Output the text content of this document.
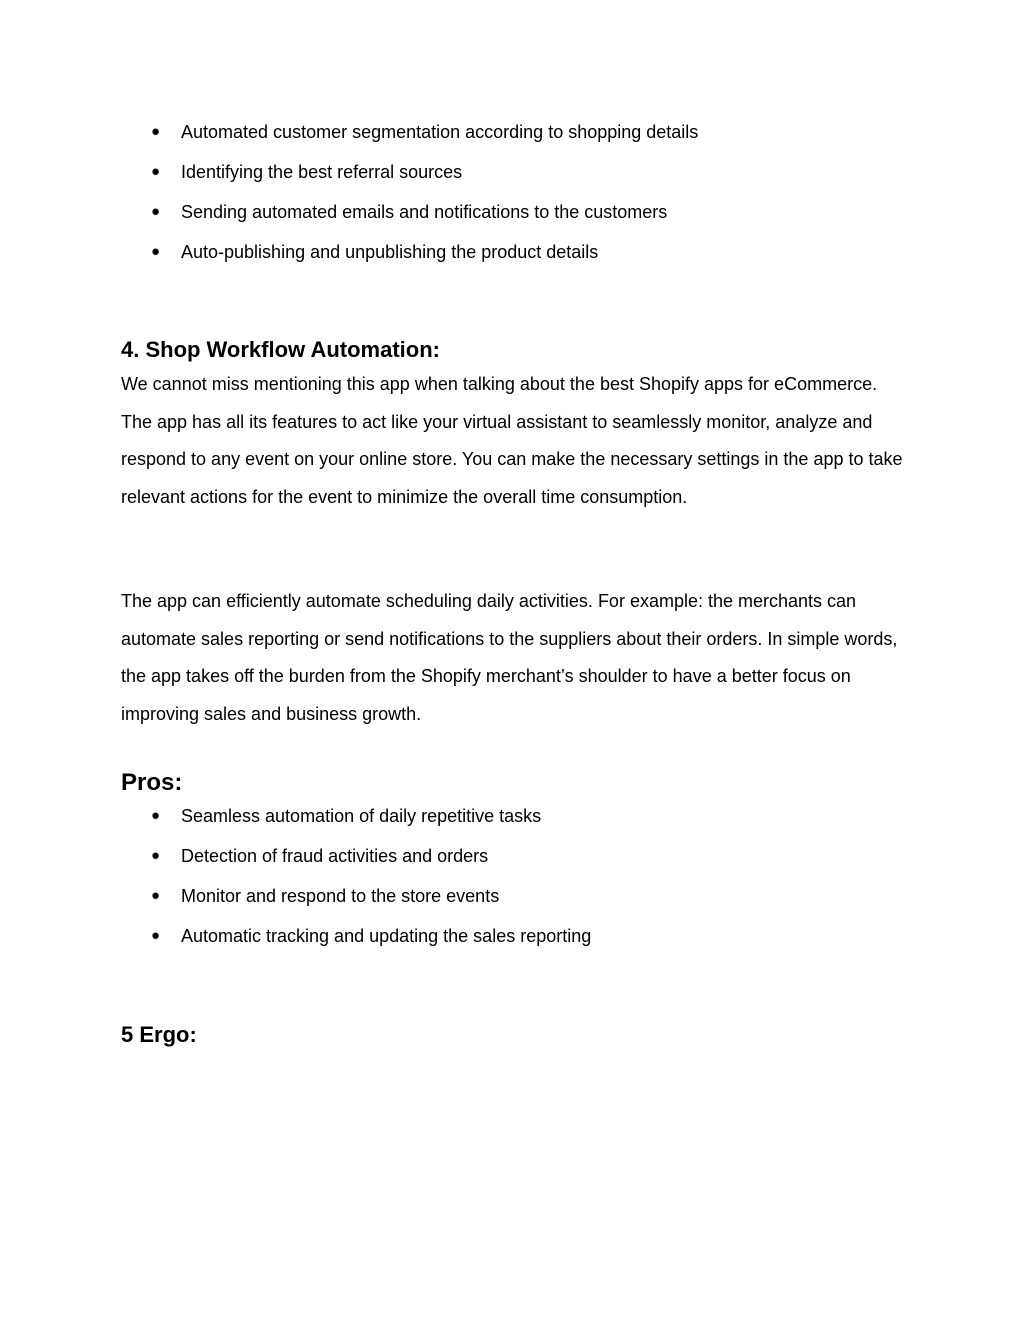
● Automated customer segmentation according to shopping details
● Identifying the best referral sources
● Sending automated emails and notifications to the customers
● Auto-publishing and unpublishing the product details
4. Shop Workflow Automation:

We cannot miss mentioning this app when talking about the best Shopify apps for eCommerce. The app has all its features to act like your virtual assistant to seamlessly monitor, analyze and respond to any event on your online store. You can make the necessary settings in the app to take relevant actions for the event to minimize the overall time consumption.

The app can efficiently automate scheduling daily activities. For example: the merchants can automate sales reporting or send notifications to the suppliers about their orders. In simple words, the app takes off the burden from the Shopify merchant’s shoulder to have a better focus on improving sales and business growth.

Pros:
● Seamless automation of daily repetitive tasks
● Detection of fraud activities and orders
● Monitor and respond to the store events
● Automatic tracking and updating the sales reporting
5 Ergo:
